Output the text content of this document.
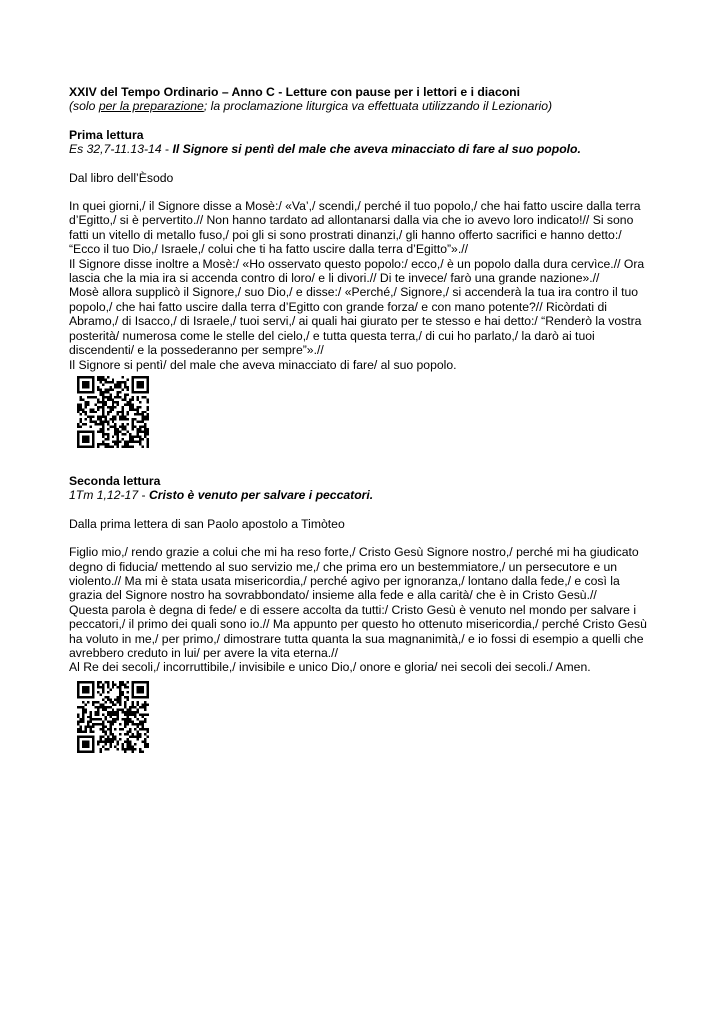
XXIV del Tempo Ordinario – Anno C - Letture con pause per i lettori e i diaconi
(solo per la preparazione; la proclamazione liturgica va effettuata utilizzando il Lezionario)
Prima lettura
Es 32,7-11.13-14 - Il Signore si pentì del male che aveva minacciato di fare al suo popolo.
Dal libro dell’Èsodo

In quei giorni,/ il Signore disse a Mosè:/ «Va’,/ scendi,/ perché il tuo popolo,/ che hai fatto uscire dalla terra d’Egitto,/ si è pervertito.// Non hanno tardato ad allontanarsi dalla via che io avevo loro indicato!// Si sono fatti un vitello di metallo fuso,/ poi gli si sono prostrati dinanzi,/ gli hanno offerto sacrifici e hanno detto:/ “Ecco il tuo Dio,/ Israele,/ colui che ti ha fatto uscire dalla terra d’Egitto”».//

Il Signore disse inoltre a Mosè:/ «Ho osservato questo popolo:/ ecco,/ è un popolo dalla dura cervìce.// Ora lascia che la mia ira si accenda contro di loro/ e li divori.// Di te invece/ farò una grande nazione».//

Mosè allora supplicò il Signore,/ suo Dio,/ e disse:/ «Perché,/ Signore,/ si accenderà la tua ira contro il tuo popolo,/ che hai fatto uscire dalla terra d’Egitto con grande forza/ e con mano potente?// Ricòrdati di Abramo,/ di Isacco,/ di Israele,/ tuoi servi,/ ai quali hai giurato per te stesso e hai detto:/ “Renderò la vostra posterità/ numerosa come le stelle del cielo,/ e tutta questa terra,/ di cui ho parlato,/ la darò ai tuoi discendenti/ e la possederanno per sempre”».//

Il Signore si pentì/ del male che aveva minacciato di fare/ al suo popolo.

Seconda lettura
1Tm 1,12-17 - Cristo è venuto per salvare i peccatori.
Dalla prima lettera di san Paolo apostolo a Timòteo

Figlio mio,/ rendo grazie a colui che mi ha reso forte,/ Cristo Gesù Signore nostro,/ perché mi ha giudicato degno di fiducia/ mettendo al suo servizio me,/ che prima ero un bestemmiatore,/ un persecutore e un violento.// Ma mi è stata usata misericordia,/ perché agivo per ignoranza,/ lontano dalla fede,/ e così la grazia del Signore nostro ha sovrabbondato/ insieme alla fede e alla carità/ che è in Cristo Gesù.//

Questa parola è degna di fede/ e di essere accolta da tutti:/ Cristo Gesù è venuto nel mondo per salvare i peccatori,/ il primo dei quali sono io.// Ma appunto per questo ho ottenuto misericordia,/ perché Cristo Gesù ha voluto in me,/ per primo,/ dimostrare tutta quanta la sua magnanimità,/ e io fossi di esempio a quelli che avrebbero creduto in lui/ per avere la vita eterna.//

Al Re dei secoli,/ incorruttibile,/ invisibile e unico Dio,/ onore e gloria/ nei secoli dei secoli./ Amen.
